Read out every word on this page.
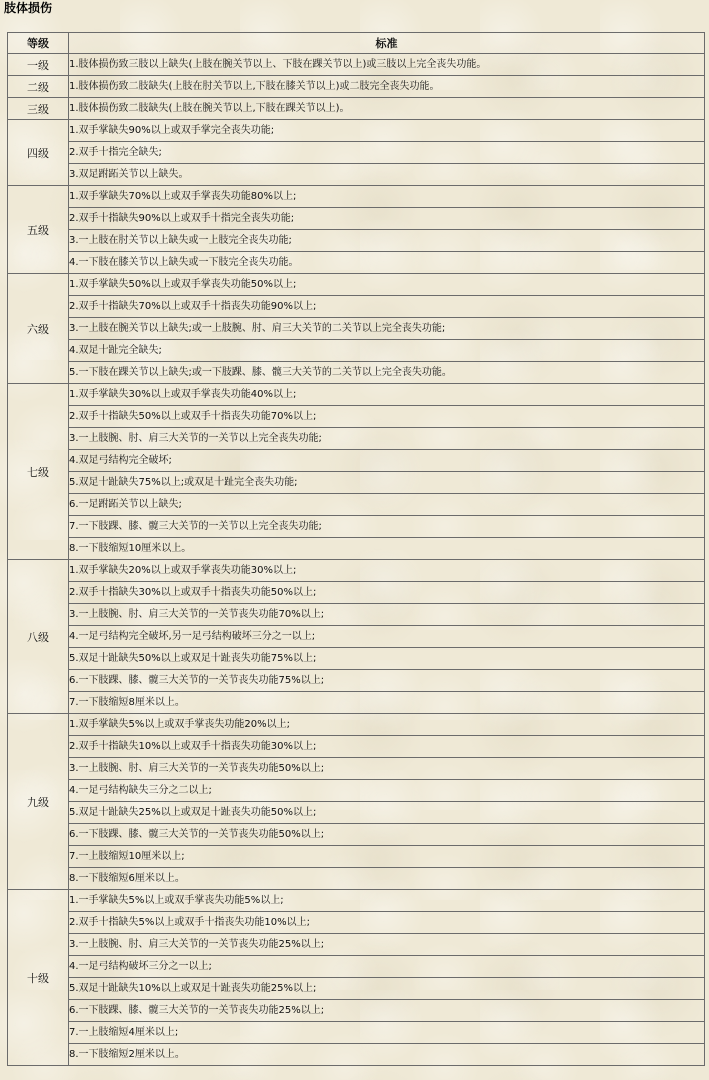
肢体损伤
等级	标准
一级	1.肢体损伤致三肢以上缺失(上肢在腕关节以上、下肢在踝关节以上)或三肢以上完全丧失功能。
二级	1.肢体损伤致二肢缺失(上肢在肘关节以上,下肢在膝关节以上)或二肢完全丧失功能。
三级	1.肢体损伤致二肢缺失(上肢在腕关节以上,下肢在踝关节以上)。
四级	1.双手掌缺失90%以上或双手掌完全丧失功能;
	2.双手十指完全缺失;
	3.双足跗跖关节以上缺失。
五级	1.双手掌缺失70%以上或双手掌丧失功能80%以上;
	2.双手十指缺失90%以上或双手十指完全丧失功能;
	3.一上肢在肘关节以上缺失或一上肢完全丧失功能;
	4.一下肢在膝关节以上缺失或一下肢完全丧失功能。
六级	1.双手掌缺失50%以上或双手掌丧失功能50%以上;
	2.双手十指缺失70%以上或双手十指丧失功能90%以上;
	3.一上肢在腕关节以上缺失;或一上肢腕、肘、肩三大关节的二关节以上完全丧失功能;
	4.双足十趾完全缺失;
	5.一下肢在踝关节以上缺失;或一下肢踝、膝、髋三大关节的二关节以上完全丧失功能。
七级	1.双手掌缺失30%以上或双手掌丧失功能40%以上;
	2.双手十指缺失50%以上或双手十指丧失功能70%以上;
	3.一上肢腕、肘、肩三大关节的一关节以上完全丧失功能;
	4.双足弓结构完全破坏;
	5.双足十趾缺失75%以上;或双足十趾完全丧失功能;
	6.一足跗跖关节以上缺失;
	7.一下肢踝、膝、髋三大关节的一关节以上完全丧失功能;
	8.一下肢缩短10厘米以上。
八级	1.双手掌缺失20%以上或双手掌丧失功能30%以上;
	2.双手十指缺失30%以上或双手十指丧失功能50%以上;
	3.一上肢腕、肘、肩三大关节的一关节丧失功能70%以上;
	4.一足弓结构完全破坏,另一足弓结构破坏三分之一以上;
	5.双足十趾缺失50%以上或双足十趾丧失功能75%以上;
	6.一下肢踝、膝、髋三大关节的一关节丧失功能75%以上;
	7.一下肢缩短8厘米以上。
九级	1.双手掌缺失5%以上或双手掌丧失功能20%以上;
	2.双手十指缺失10%以上或双手十指丧失功能30%以上;
	3.一上肢腕、肘、肩三大关节的一关节丧失功能50%以上;
	4.一足弓结构缺失三分之二以上;
	5.双足十趾缺失25%以上或双足十趾丧失功能50%以上;
	6.一下肢踝、膝、髋三大关节的一关节丧失功能50%以上;
	7.一上肢缩短10厘米以上;
	8.一下肢缩短6厘米以上。
十级	1.一手掌缺失5%以上或双手掌丧失功能5%以上;
	2.双手十指缺失5%以上或双手十指丧失功能10%以上;
	3.一上肢腕、肘、肩三大关节的一关节丧失功能25%以上;
	4.一足弓结构破坏三分之一以上;
	5.双足十趾缺失10%以上或双足十趾丧失功能25%以上;
	6.一下肢踝、膝、髋三大关节的一关节丧失功能25%以上;
	7.一上肢缩短4厘米以上;
	8.一下肢缩短2厘米以上。
